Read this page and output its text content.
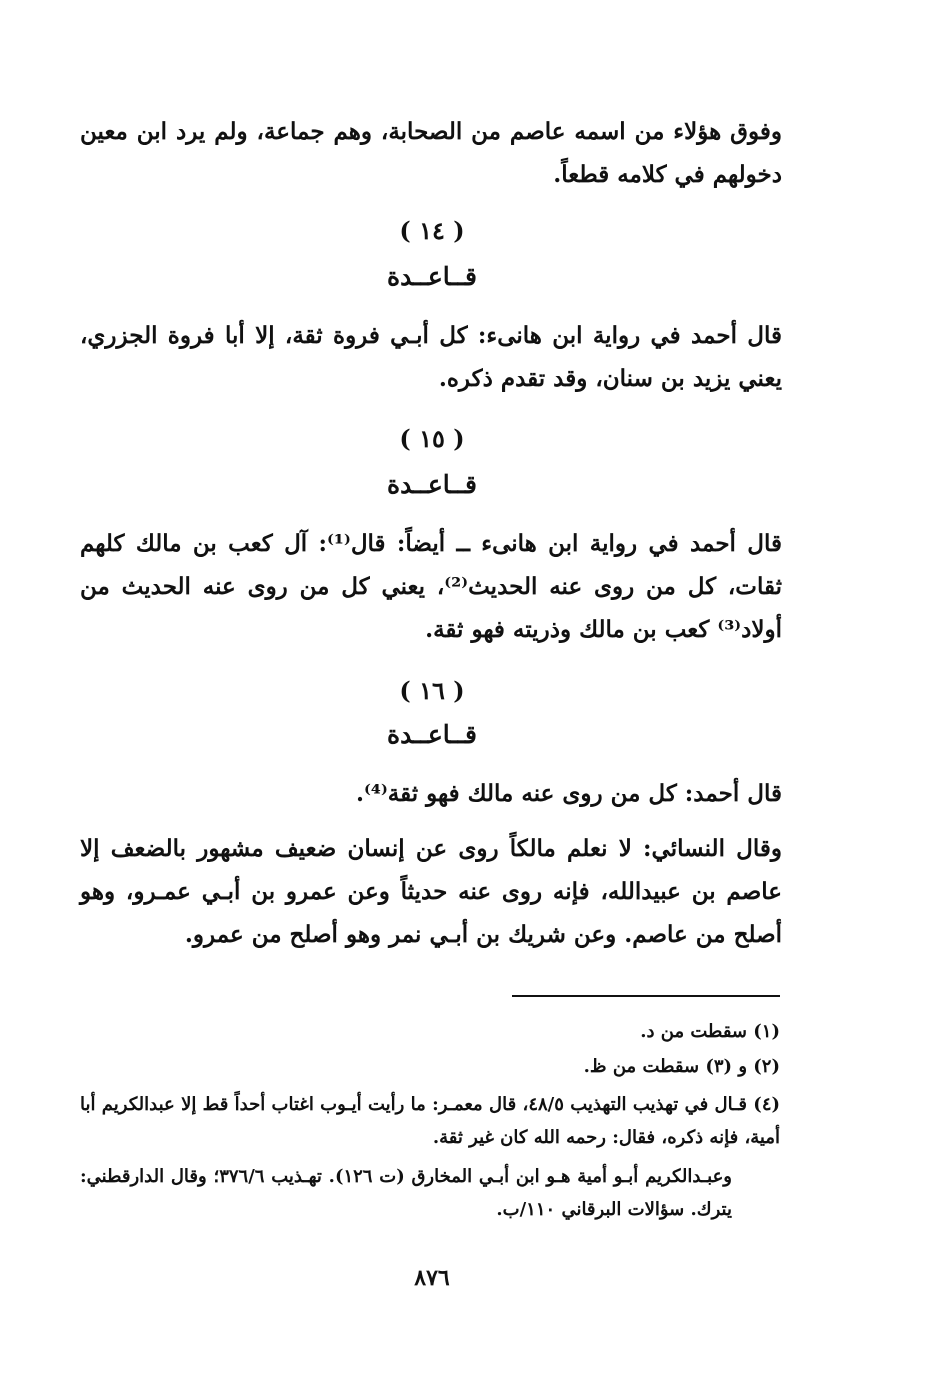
وفوق هؤلاء من اسمه عاصم من الصحابة، وهم جماعة، ولم يرد ابن معين دخولهم في كلامه قطعاً.

( ١٤ )
قــاعــدة

قال أحمد في رواية ابن هانىء: كل أبـي فروة ثقة، إلا أبا فروة الجزري، يعني يزيد بن سنان، وقد تقدم ذكره.

( ١٥ )
قــاعــدة

قال أحمد في رواية ابن هانىء ــ أيضاً: قال⁽¹⁾: آل كعب بن مالك كلهم ثقات، كل من روى عنه الحديث⁽²⁾، يعني كل من روى عنه الحديث من أولاد⁽³⁾ كعب بن مالك وذريته فهو ثقة.

( ١٦ )
قــاعــدة

قال أحمد: كل من روى عنه مالك فهو ثقة⁽⁴⁾.

وقال النسائي: لا نعلم مالكاً روى عن إنسان ضعيف مشهور بالضعف إلا عاصم بن عبيدالله، فإنه روى عنه حديثاً وعن عمرو بن أبـي عمـرو، وهو أصلح من عاصم. وعن شريك بن أبـي نمر وهو أصلح من عمرو.

(١) سقطت من د.

(٢) و (٣) سقطت من ظ.

(٤) قـال في تهذيب التهذيب ٤٨/٥، قال معمـر: ما رأيت أيـوب اغتاب أحداً قط إلا عبدالكريم أبا أمية، فإنه ذكره، فقال: رحمه الله كان غير ثقة.

وعبـدالكريم أبـو أمية هـو ابن أبـي المخارق (ت ١٢٦). تهـذيب ٣٧٦/٦؛ وقال الدارقطني: يترك. سؤالات البرقاني ١١٠/ب.

٨٧٦
